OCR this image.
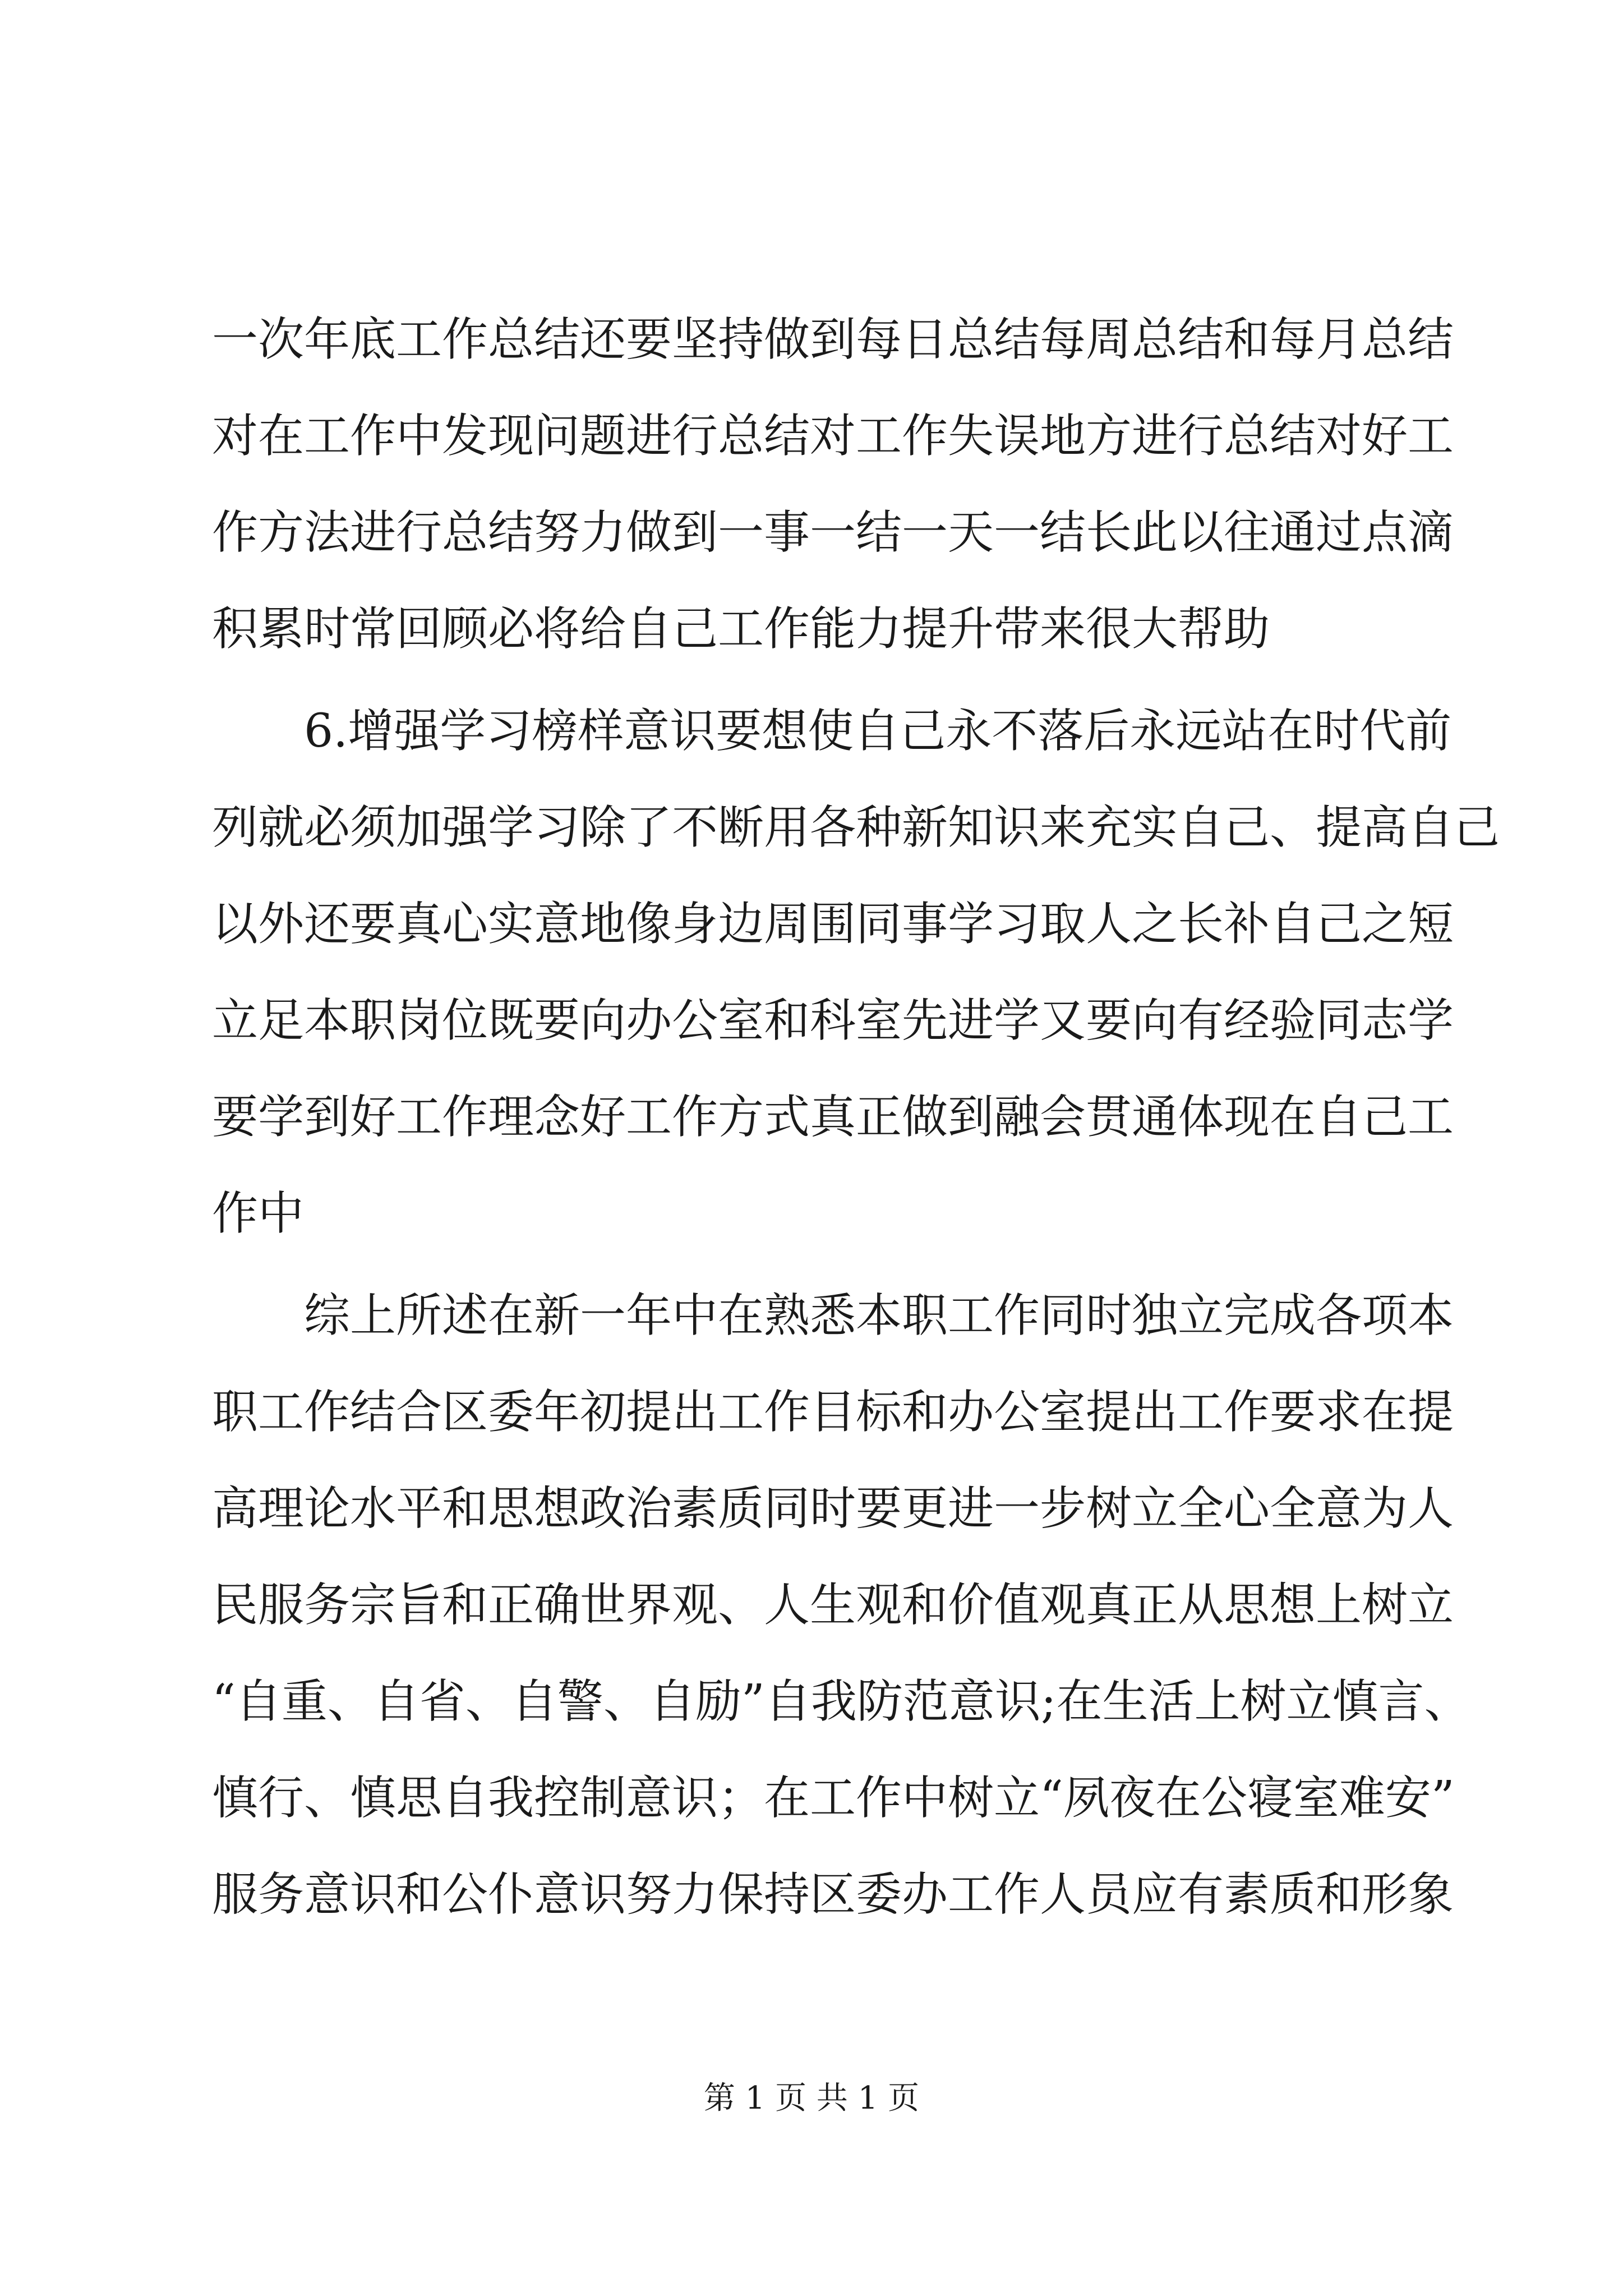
一次年底工作总结还要坚持做到每日总结每周总结和每月总结
对在工作中发现问题进行总结对工作失误地方进行总结对好工
作方法进行总结努力做到一事一结一天一结长此以往通过点滴
积累时常回顾必将给自己工作能力提升带来很大帮助
6.增强学习榜样意识要想使自己永不落后永远站在时代前
列就必须加强学习除了不断用各种新知识来充实自己、提高自己
以外还要真心实意地像身边周围同事学习取人之长补自己之短
立足本职岗位既要向办公室和科室先进学又要向有经验同志学
要学到好工作理念好工作方式真正做到融会贯通体现在自己工
作中
综上所述在新一年中在熟悉本职工作同时独立完成各项本
职工作结合区委年初提出工作目标和办公室提出工作要求在提
高理论水平和思想政治素质同时要更进一步树立全心全意为人
民服务宗旨和正确世界观、人生观和价值观真正从思想上树立
“自重、自省、自警、自励”自我防范意识;在生活上树立慎言、
慎行、慎思自我控制意识；在工作中树立“夙夜在公寝室难安”
服务意识和公仆意识努力保持区委办工作人员应有素质和形象
第 1 页 共 1 页
